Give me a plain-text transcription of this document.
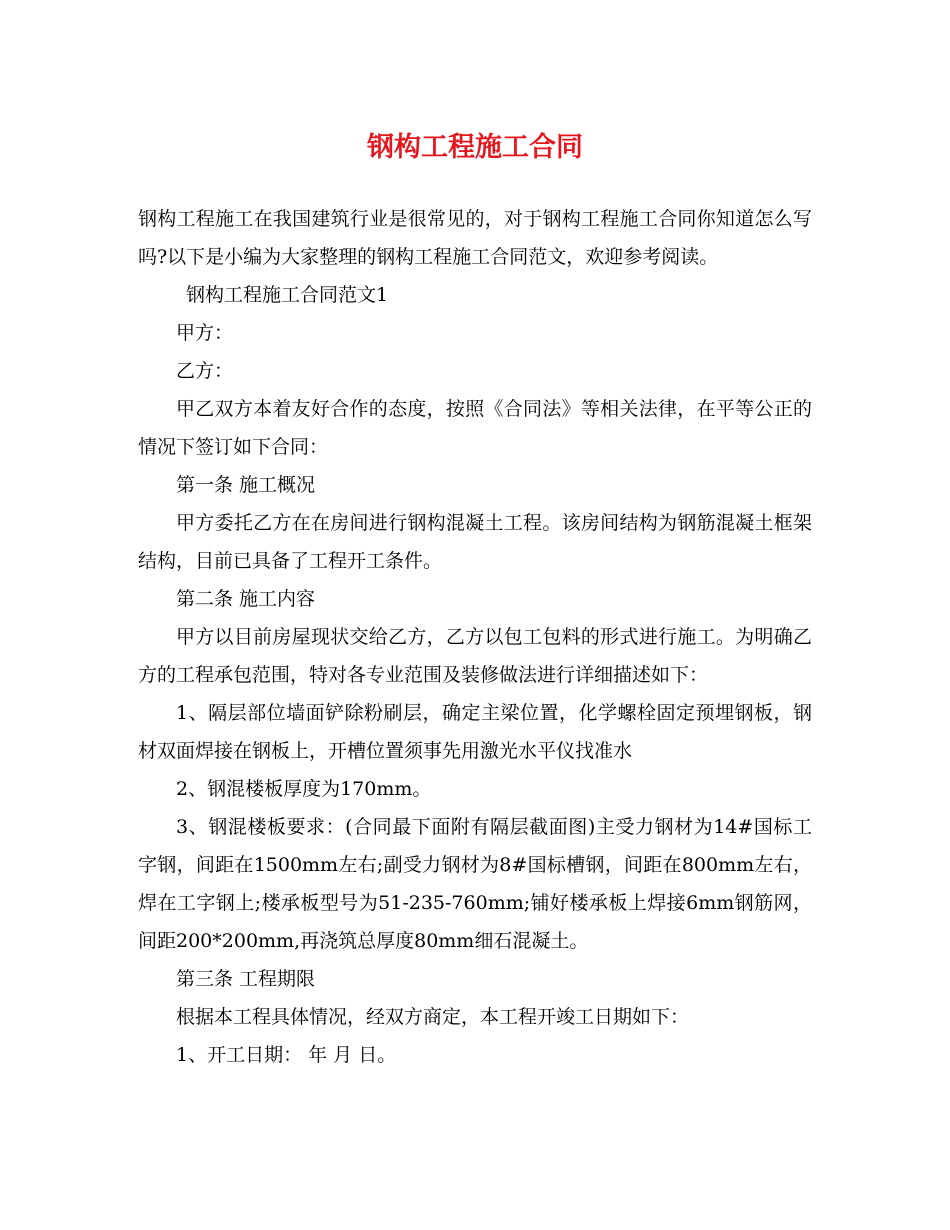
钢构工程施工合同

钢构工程施工在我国建筑行业是很常见的，对于钢构工程施工合同你知道怎么写吗?以下是小编为大家整理的钢构工程施工合同范文，欢迎参考阅读。

钢构工程施工合同范文1

甲方：

乙方：

甲乙双方本着友好合作的态度，按照《合同法》等相关法律，在平等公正的情况下签订如下合同：

第一条 施工概况

甲方委托乙方在在房间进行钢构混凝土工程。该房间结构为钢筋混凝土框架结构，目前已具备了工程开工条件。

第二条 施工内容

甲方以目前房屋现状交给乙方，乙方以包工包料的形式进行施工。为明确乙方的工程承包范围，特对各专业范围及装修做法进行详细描述如下：

1、隔层部位墙面铲除粉刷层，确定主梁位置，化学螺栓固定预埋钢板，钢材双面焊接在钢板上，开槽位置须事先用激光水平仪找准水

2、钢混楼板厚度为170mm。

3、钢混楼板要求：(合同最下面附有隔层截面图)主受力钢材为14#国标工字钢，间距在1500mm左右;副受力钢材为8#国标槽钢，间距在800mm左右，焊在工字钢上;楼承板型号为51-235-760mm;铺好楼承板上焊接6mm钢筋网，间距200*200mm,再浇筑总厚度80mm细石混凝土。

第三条 工程期限

根据本工程具体情况，经双方商定，本工程开竣工日期如下：

1、开工日期： 年 月 日。
